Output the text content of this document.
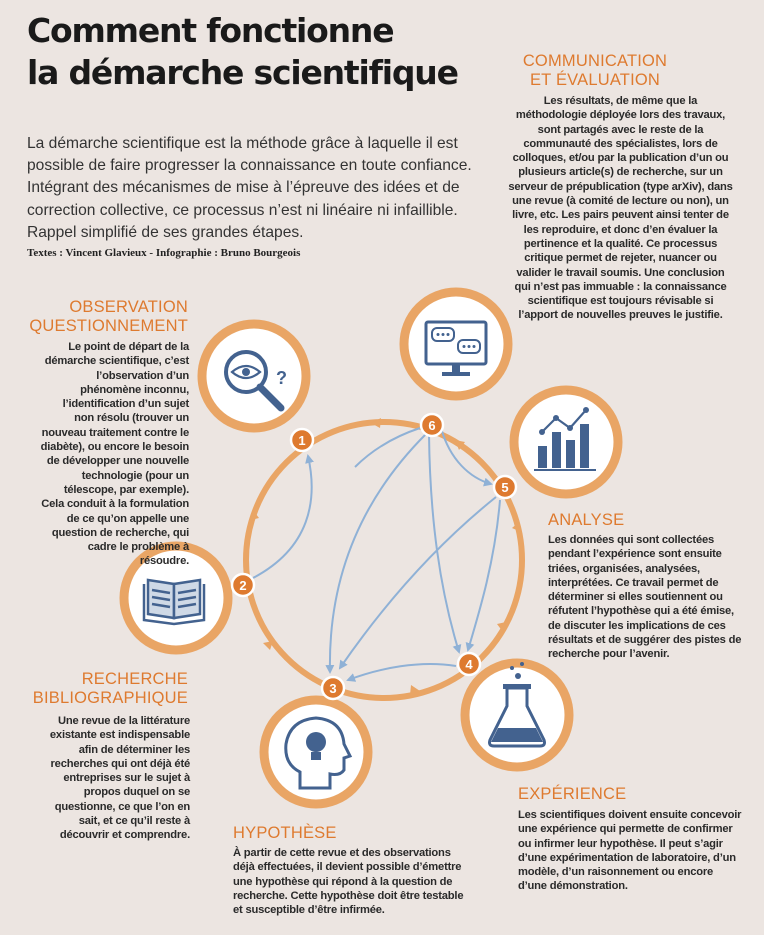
Comment fonctionne
la démarche scientifique
La démarche scientifique est la méthode grâce à laquelle il est possible de faire progresser la connaissance en toute confiance. Intégrant des mécanismes de mise à l’épreuve des idées et de correction collective, ce processus n’est ni linéaire ni infaillible. Rappel simplifié de ses grandes étapes.
Textes : Vincent Glavieux - Infographie : Bruno Bourgeois
?
1
2
3
4
5
6
OBSERVATION
QUESTIONNEMENT
Le point de départ de la démarche scientifique, c’est l’observation d’un phénomène inconnu, l’identification d’un sujet non résolu (trouver un nouveau traitement contre le diabète), ou encore le besoin de développer une nouvelle technologie (pour un télescope, par exemple). Cela conduit à la formulation de ce qu’on appelle une question de recherche, qui cadre le problème à résoudre.
RECHERCHE
BIBLIOGRAPHIQUE
Une revue de la littérature existante est indispensable afin de déterminer les recherches qui ont déjà été entreprises sur le sujet à propos duquel on se questionne, ce que l’on en sait, et ce qu’il reste à découvrir et comprendre.	HYPOTHÈSE
À partir de cette revue et des observations déjà effectuées, il devient possible d’émettre une hypothèse qui répond à la question de recherche. Cette hypothèse doit être testable et susceptible d’être infirmée.
EXPÉRIENCE
Les scientifiques doivent ensuite concevoir une expérience qui permette de confirmer ou infirmer leur hypothèse. Il peut s’agir d’une expérimentation de laboratoire, d’un modèle, d’un raisonnement ou encore d’une démonstration.
ANALYSE
Les données qui sont collectées pendant l’expérience sont ensuite triées, organisées, analysées, interprétées. Ce travail permet de déterminer si elles soutiennent ou réfutent l’hypothèse qui a été émise, de discuter les implications de ces résultats et de suggérer des pistes de recherche pour l’avenir.
COMMUNICATION
ET ÉVALUATION
Les résultats, de même que la méthodologie déployée lors des travaux, sont partagés avec le reste de la communauté des spécialistes, lors de colloques, et/ou par la publication d’un ou plusieurs article(s) de recherche, sur un serveur de prépublication (type arXiv), dans une revue (à comité de lecture ou non), un livre, etc. Les pairs peuvent ainsi tenter de les reproduire, et donc d’en évaluer la pertinence et la qualité. Ce processus critique permet de rejeter, nuancer ou valider le travail soumis. Une conclusion qui n’est pas immuable : la connaissance scientifique est toujours révisable si l’apport de nouvelles preuves le justifie.
